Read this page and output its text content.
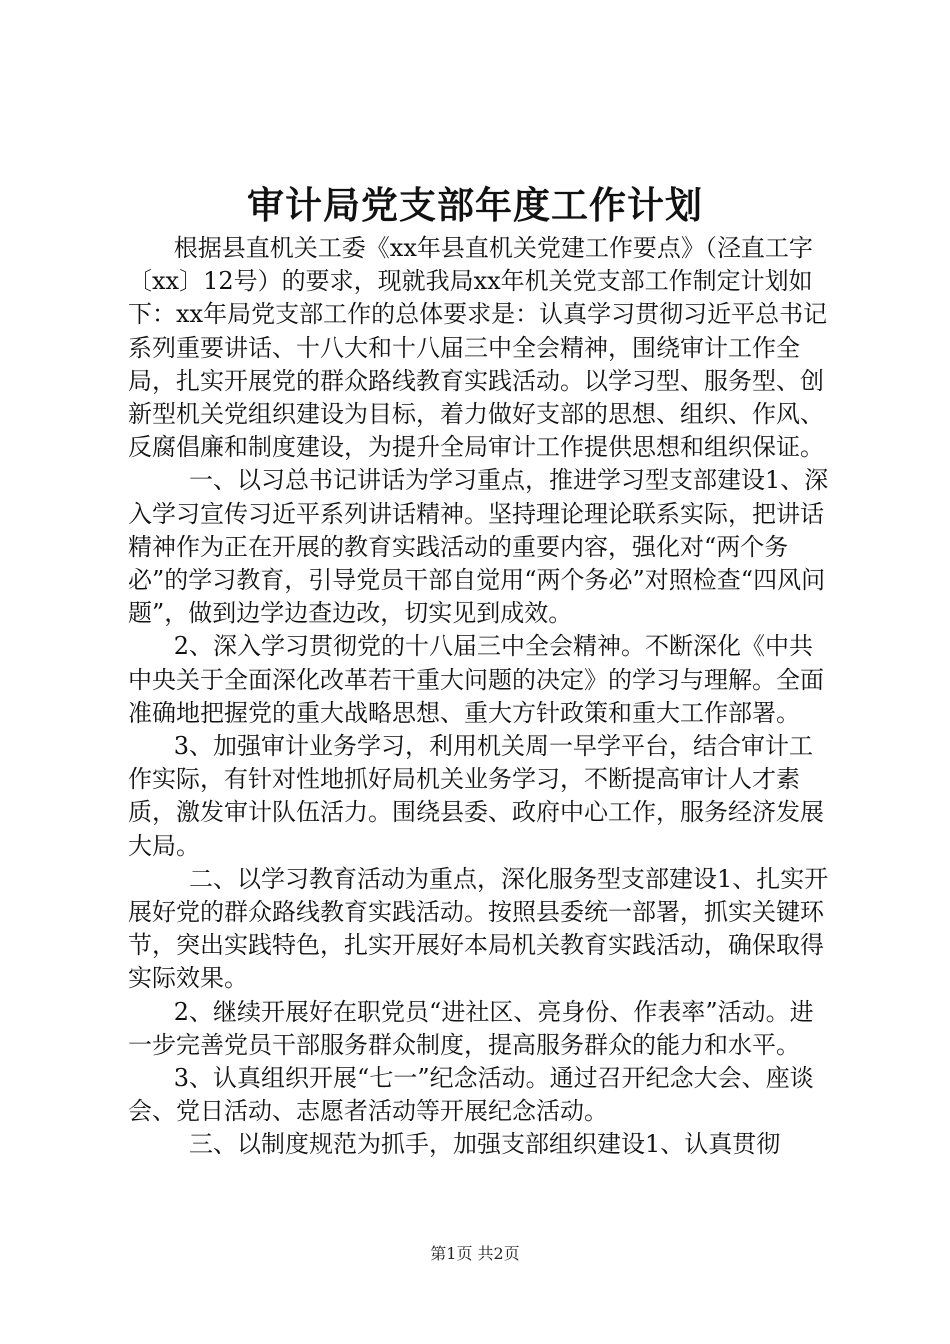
审计局党支部年度工作计划

根据县直机关工委《xx年县直机关党建工作要点》（泾直工字〔xx〕12号）的要求，现就我局xx年机关党支部工作制定计划如下：xx年局党支部工作的总体要求是：认真学习贯彻习近平总书记系列重要讲话、十八大和十八届三中全会精神，围绕审计工作全局，扎实开展党的群众路线教育实践活动。以学习型、服务型、创新型机关党组织建设为目标，着力做好支部的思想、组织、作风、反腐倡廉和制度建设，为提升全局审计工作提供思想和组织保证。

一、以习总书记讲话为学习重点，推进学习型支部建设1、深入学习宣传习近平系列讲话精神。坚持理论理论联系实际，把讲话精神作为正在开展的教育实践活动的重要内容，强化对“两个务必”的学习教育，引导党员干部自觉用“两个务必”对照检查“四风问题”，做到边学边查边改，切实见到成效。

2、深入学习贯彻党的十八届三中全会精神。不断深化《中共中央关于全面深化改革若干重大问题的决定》的学习与理解。全面准确地把握党的重大战略思想、重大方针政策和重大工作部署。

3、加强审计业务学习，利用机关周一早学平台，结合审计工作实际，有针对性地抓好局机关业务学习，不断提高审计人才素质，激发审计队伍活力。围绕县委、政府中心工作，服务经济发展大局。

二、以学习教育活动为重点，深化服务型支部建设1、扎实开展好党的群众路线教育实践活动。按照县委统一部署，抓实关键环节，突出实践特色，扎实开展好本局机关教育实践活动，确保取得实际效果。

2、继续开展好在职党员“进社区、亮身份、作表率”活动。进一步完善党员干部服务群众制度，提高服务群众的能力和水平。

3、认真组织开展“七一”纪念活动。通过召开纪念大会、座谈会、党日活动、志愿者活动等开展纪念活动。

三、以制度规范为抓手，加强支部组织建设1、认真贯彻

第1页 共2页
